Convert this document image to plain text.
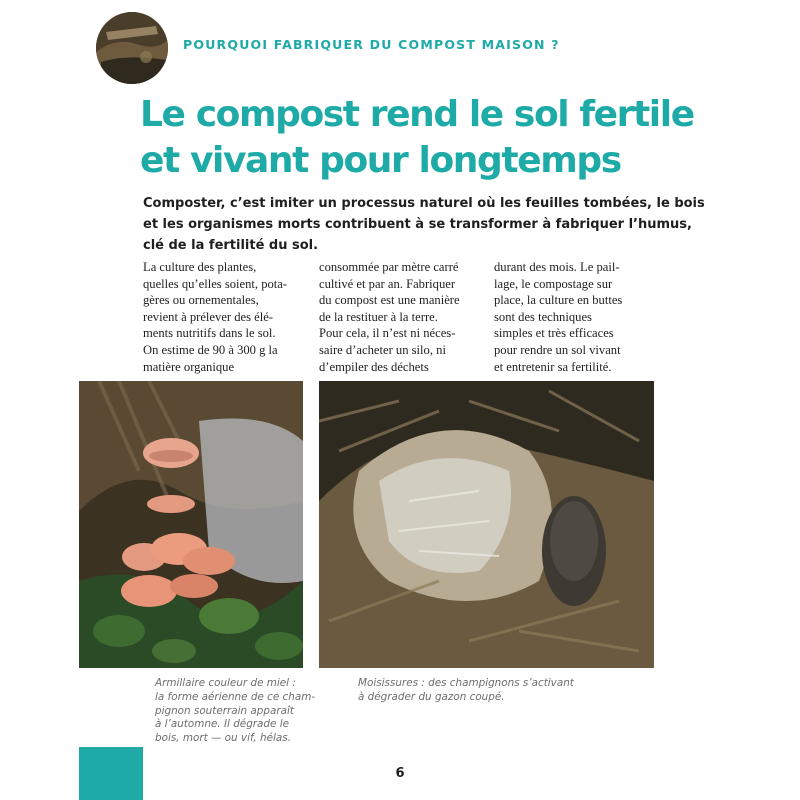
POURQUOI FABRIQUER DU COMPOST MAISON ?
Le compost rend le sol fertile
et vivant pour longtemps
Composter, c’est imiter un processus naturel où les feuilles tombées, le bois
et les organismes morts contribuent à se transformer à fabriquer l’humus,
clé de la fertilité du sol.
La culture des plantes,
quelles qu’elles soient, pota-
gères ou ornementales,
revient à prélever des élé-
ments nutritifs dans le sol.
On estime de 90 à 300 g la
matière organique
consommée par mètre carré
cultivé et par an. Fabriquer
du compost est une manière
de la restituer à la terre.
Pour cela, il n’est ni néces-
saire d’acheter un silo, ni
d’empiler des déchets
durant des mois. Le pail-
lage, le compostage sur
place, la culture en buttes
sont des techniques
simples et très efficaces
pour rendre un sol vivant
et entretenir sa fertilité.
Armillaire couleur de miel :
la forme aérienne de ce cham-
pignon souterrain apparaît
à l’automne. Il dégrade le
bois, mort — ou vif, hélas.
Moisissures : des champignons s’activant
à dégrader du gazon coupé.
6
